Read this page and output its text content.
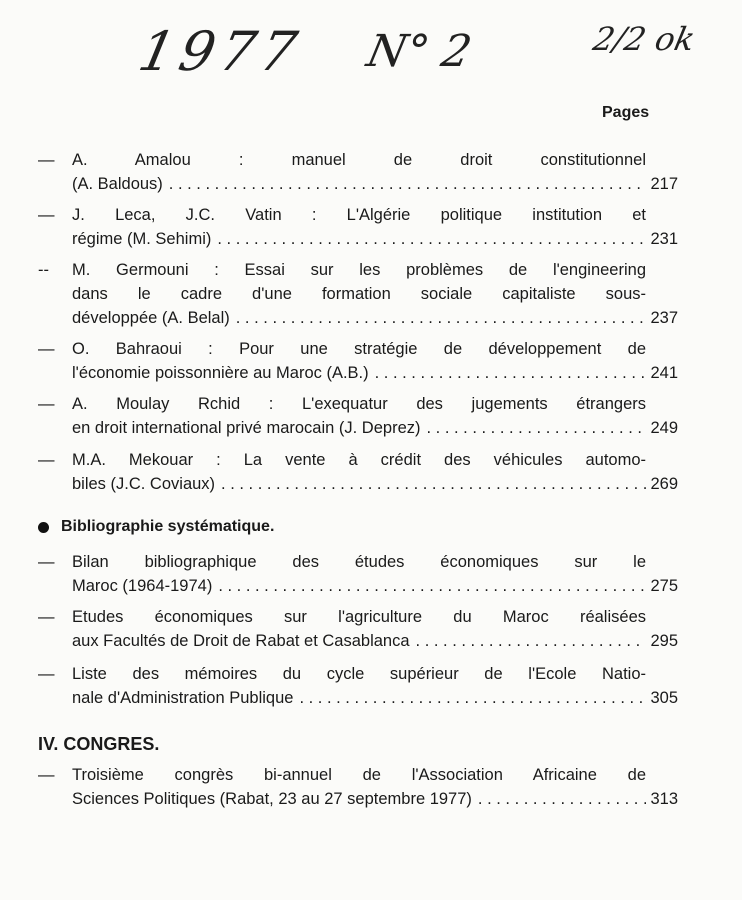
1977 N° 2	2/2 ok
Pages
—	A. Amalou : manuel de droit constitutionnel
(A. Baldous) . . .	217
—	J. Leca, J.C. Vatin : L'Algérie politique institution et
régime (M. Sehimi) . . .	231
--	M. Germouni : Essai sur les problèmes de l'engineering
dans le cadre d'une formation sociale capitaliste sous-
développée (A. Belal) . . .	237
—	O. Bahraoui : Pour une stratégie de développement de
l'économie poissonnière au Maroc (A.B.) . . .	241
—	A. Moulay Rchid : L'exequatur des jugements étrangers
en droit international privé marocain (J. Deprez) . . .	249
—	M.A. Mekouar : La vente à crédit des véhicules automo-
biles (J.C. Coviaux) . . .	269
Bibliographie systématique.
—	Bilan bibliographique des études économiques sur le
Maroc (1964-1974) . . .	275
—	Etudes économiques sur l'agriculture du Maroc réalisées
aux Facultés de Droit de Rabat et Casablanca . . .	295
—	Liste des mémoires du cycle supérieur de l'Ecole Natio-
nale d'Administration Publique . . .	305
IV. CONGRES.
—	Troisième congrès bi-annuel de l'Association Africaine de
Sciences Politiques (Rabat, 23 au 27 septembre 1977) . . .	313
